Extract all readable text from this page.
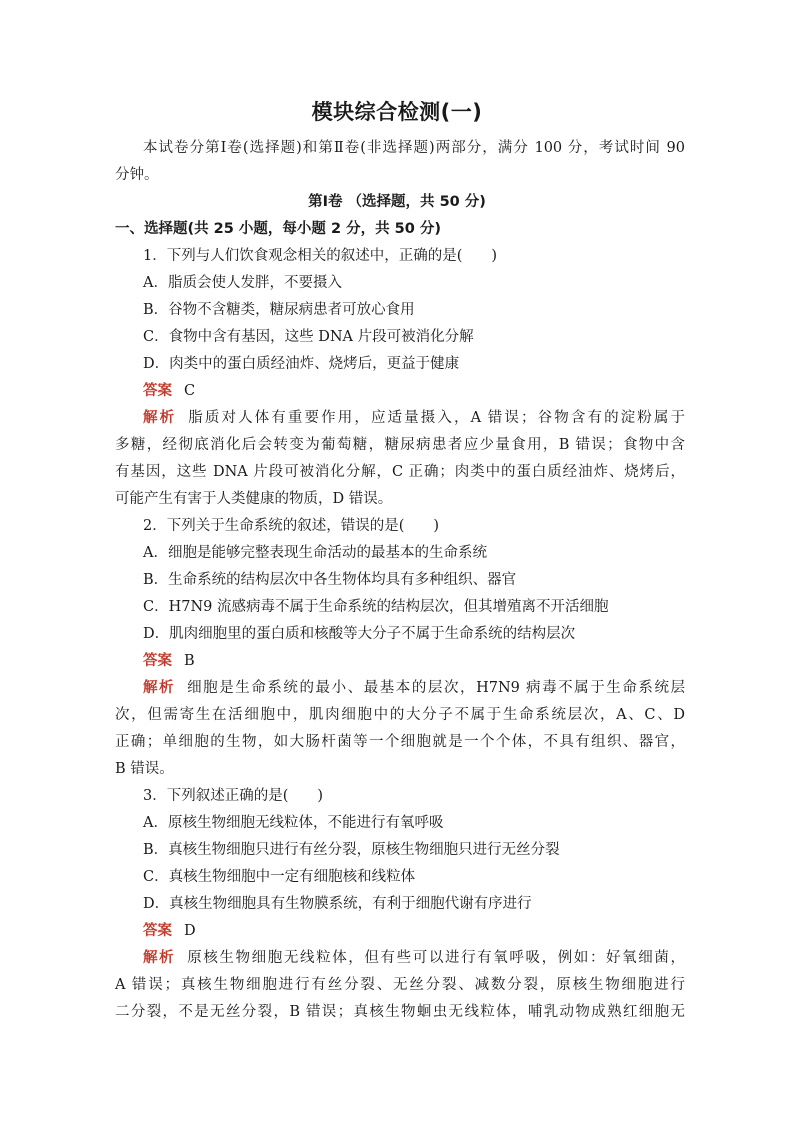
模块综合检测(一)
本试卷分第Ⅰ卷(选择题)和第Ⅱ卷(非选择题)两部分，满分 100 分，考试时间 90
分钟。
第Ⅰ卷 （选择题，共 50 分)
一、选择题(共 25 小题，每小题 2 分，共 50 分)
1．下列与人们饮食观念相关的叙述中，正确的是(　　)
A．脂质会使人发胖，不要摄入
B．谷物不含糖类，糖尿病患者可放心食用
C．食物中含有基因，这些 DNA 片段可被消化分解
D．肉类中的蛋白质经油炸、烧烤后，更益于健康
答案 C
解析 脂质对人体有重要作用，应适量摄入，A 错误；谷物含有的淀粉属于
多糖，经彻底消化后会转变为葡萄糖，糖尿病患者应少量食用，B 错误；食物中含
有基因，这些 DNA 片段可被消化分解，C 正确；肉类中的蛋白质经油炸、烧烤后，
可能产生有害于人类健康的物质，D 错误。
2．下列关于生命系统的叙述，错误的是(　　)
A．细胞是能够完整表现生命活动的最基本的生命系统
B．生命系统的结构层次中各生物体均具有多种组织、器官
C．H7N9 流感病毒不属于生命系统的结构层次，但其增殖离不开活细胞
D．肌肉细胞里的蛋白质和核酸等大分子不属于生命系统的结构层次
答案 B
解析 细胞是生命系统的最小、最基本的层次，H7N9 病毒不属于生命系统层
次，但需寄生在活细胞中，肌肉细胞中的大分子不属于生命系统层次，A、C、D
正确；单细胞的生物，如大肠杆菌等一个细胞就是一个个体，不具有组织、器官，
B 错误。
3．下列叙述正确的是(　　)
A．原核生物细胞无线粒体，不能进行有氧呼吸
B．真核生物细胞只进行有丝分裂，原核生物细胞只进行无丝分裂
C．真核生物细胞中一定有细胞核和线粒体
D．真核生物细胞具有生物膜系统，有利于细胞代谢有序进行
答案 D
解析 原核生物细胞无线粒体，但有些可以进行有氧呼吸，例如：好氧细菌，
A 错误；真核生物细胞进行有丝分裂、无丝分裂、减数分裂，原核生物细胞进行
二分裂，不是无丝分裂，B 错误；真核生物蛔虫无线粒体，哺乳动物成熟红细胞无
